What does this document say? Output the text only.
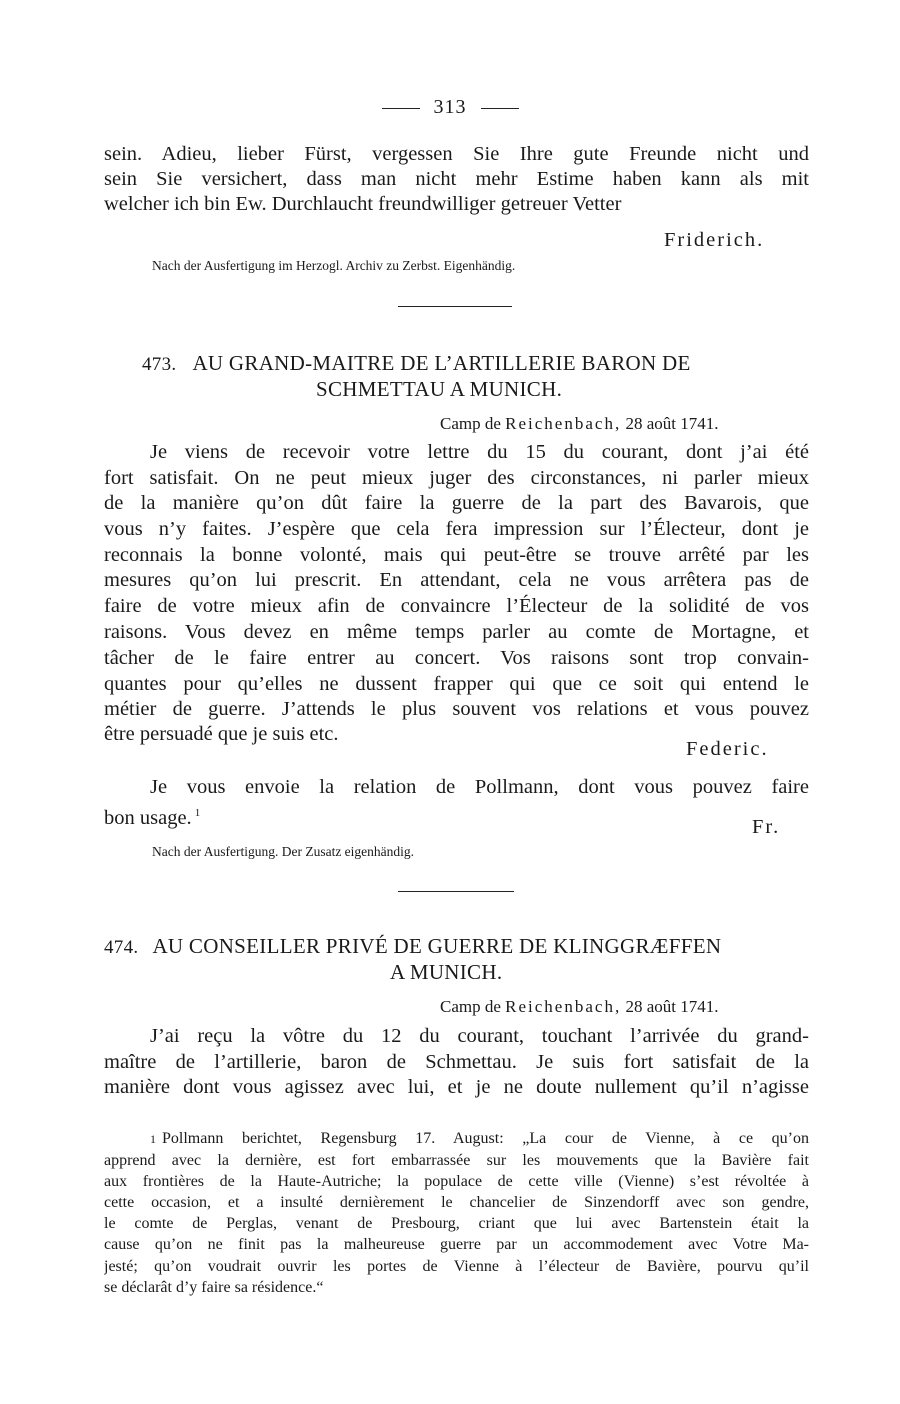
313
sein. Adieu, lieber Fürst, vergessen Sie Ihre gute Freunde nicht und
sein Sie versichert, dass man nicht mehr Estime haben kann als mit
welcher ich bin Ew. Durchlaucht freundwilliger getreuer Vetter
Friderich.
Nach der Ausfertigung im Herzogl. Archiv zu Zerbst. Eigenhändig.
473. AU GRAND-MAITRE DE L’ARTILLERIE BARON DE
SCHMETTAU A MUNICH.
Camp de Reichenbach, 28 août 1741.
Je viens de recevoir votre lettre du 15 du courant, dont j’ai été
fort satisfait. On ne peut mieux juger des circonstances, ni parler mieux
de la manière qu’on dût faire la guerre de la part des Bavarois, que
vous n’y faites. J’espère que cela fera impression sur l’Électeur, dont je
reconnais la bonne volonté, mais qui peut-être se trouve arrêté par les
mesures qu’on lui prescrit. En attendant, cela ne vous arrêtera pas de
faire de votre mieux afin de convaincre l’Électeur de la solidité de vos
raisons. Vous devez en même temps parler au comte de Mortagne, et
tâcher de le faire entrer au concert. Vos raisons sont trop convain-
quantes pour qu’elles ne dussent frapper qui que ce soit qui entend le
métier de guerre. J’attends le plus souvent vos relations et vous pouvez
être persuadé que je suis etc.
Federic.
Je vous envoie la relation de Pollmann, dont vous pouvez faire
bon usage. $^1$
Fr.
Nach der Ausfertigung. Der Zusatz eigenhändig.
474. AU CONSEILLER PRIVÉ DE GUERRE DE KLINGGRÆFFEN
A MUNICH.
Camp de Reichenbach, 28 août 1741.
J’ai reçu la vôtre du 12 du courant, touchant l’arrivée du grand-
maître de l’artillerie, baron de Schmettau. Je suis fort satisfait de la
manière dont vous agissez avec lui, et je ne doute nullement qu’il n’agisse
1 Pollmann berichtet, Regensburg 17. August: „La cour de Vienne, à ce qu’on
apprend avec la dernière, est fort embarrassée sur les mouvements que la Bavière fait
aux frontières de la Haute-Autriche; la populace de cette ville (Vienne) s’est révoltée à
cette occasion, et a insulté dernièrement le chancelier de Sinzendorff avec son gendre,
le comte de Perglas, venant de Presbourg, criant que lui avec Bartenstein était la
cause qu’on ne finit pas la malheureuse guerre par un accommodement avec Votre Ma-
jesté; qu’on voudrait ouvrir les portes de Vienne à l’électeur de Bavière, pourvu qu’il
se déclarât d’y faire sa résidence.“
